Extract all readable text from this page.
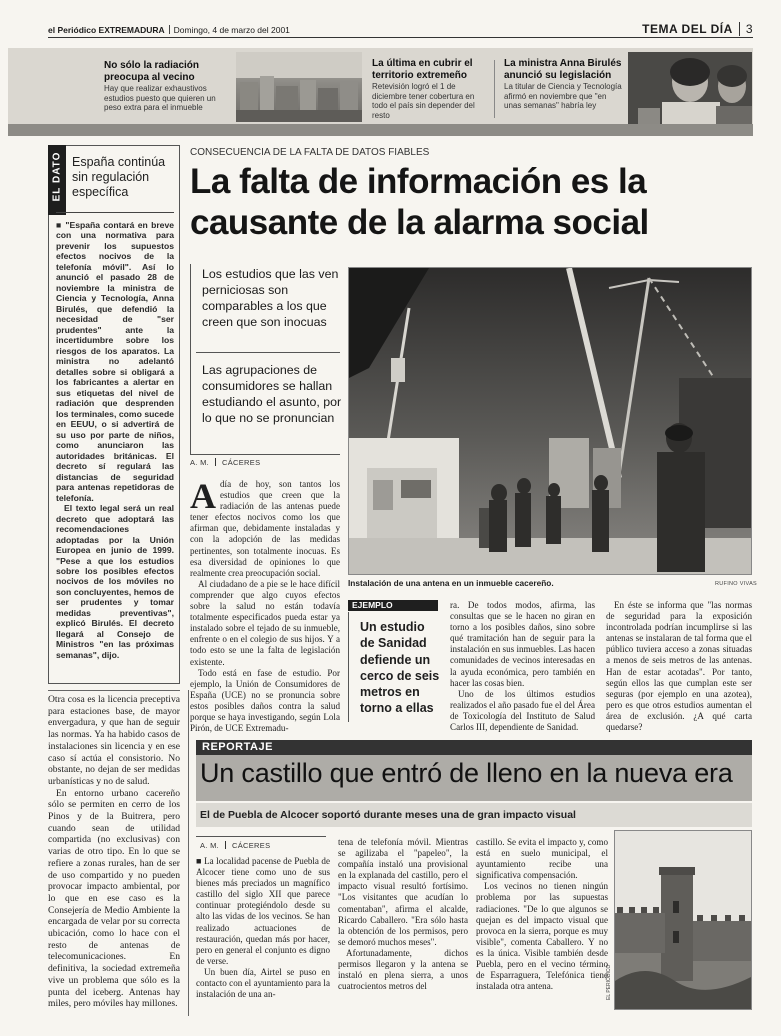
el Periódico EXTREMADURA Domingo, 4 de marzo del 2001	TEMA DEL DÍA 3
No sólo la radiación preocupa al vecino
Hay que realizar exhaustivos estudios puesto que quieren un peso extra para el inmueble
La última en cubrir el territorio extremeño
Retevisión logró el 1 de diciembre tener cobertura en todo el país sin depender del resto
La ministra Anna Birulés anunció su legislación
La titular de Ciencia y Tecnología afirmó en noviembre que "en unas semanas" habría ley
EL DATO España continúa sin regulación específica

■ "España contará en breve con una normativa para prevenir los supuestos efectos nocivos de la telefonía móvil". Así lo anunció el pasado 28 de noviembre la ministra de Ciencia y Tecnología, Anna Birulés, que defendió la necesidad de "ser prudentes" ante la incertidumbre sobre los riesgos de los aparatos. La ministra no adelantó detalles sobre si obligará a los fabricantes a alertar en sus etiquetas del nivel de radiación que desprenden los terminales, como sucede en EEUU, o si advertirá de su uso por parte de niños, como anunciaron las autoridades británicas. El decreto sí regulará las distancias de seguridad para antenas repetidoras de telefonía.

El texto legal será un real decreto que adoptará las recomendaciones adoptadas por la Unión Europea en junio de 1999. "Pese a que los estudios sobre los posibles efectos nocivos de los móviles no son concluyentes, hemos de ser prudentes y tomar medidas preventivas", explicó Birulés. El decreto llegará al Consejo de Ministros "en las próximas semanas", dijo.

Otra cosa es la licencia preceptiva para estaciones base, de mayor envergadura, y que han de seguir las normas. Ya ha habido casos de instalaciones sin licencia y en ese caso sí actúa el consistorio. No obstante, no dejan de ser medidas urbanísticas y no de salud.

En entorno urbano cacereño sólo se permiten en cerro de los Pinos y de la Buitrera, pero cuando sean de utilidad compartida (no exclusivas) con varias de otro tipo. En lo que se refiere a zonas rurales, han de ser de uso compartido y no pueden provocar impacto ambiental, por lo que en ese caso es la Consejería de Medio Ambiente la encargada de velar por su correcta ubicación, como lo hace con el resto de antenas de telecomunicaciones. En definitiva, la sociedad extremeña vive un problema que sólo es la punta del iceberg. Antenas hay miles, pero móviles hay millones.

CONSECUENCIA DE LA FALTA DE DATOS FIABLES
La falta de información es la
causante de la alarma social
Los estudios que las ven perniciosas son comparables a los que creen que son inocuas
Las agrupaciones de consumidores se hallan estudiando el asunto, por lo que no se pronuncian
A. M. CÁCERES
Instalación de una antena en un inmueble cacereño.	RUFINO VIVAS

Adía de hoy, son tantos los estudios que creen que la radiación de las antenas puede tener efectos nocivos como los que afirman que, debidamente instaladas y con la adopción de las medidas pertinentes, son totalmente inocuas. Es esa diversidad de opiniones lo que realmente crea preocupación social.

Al ciudadano de a pie se le hace difícil comprender que algo cuyos efectos sobre la salud no están todavía totalmente especificados pueda estar ya instalado sobre el tejado de su inmueble, enfrente o en el colegio de sus hijos. Y a todo esto se une la falta de legislación existente.

Todo está en fase de estudio. Por ejemplo, la Unión de Consumidores de España (UCE) no se pronuncia sobre estos posibles daños contra la salud porque se haya investigando, según Lola Pirón, de UCE Extremadu-

EJEMPLO
Un estudio de Sanidad defiende un cerco de seis metros en torno a ellas

ra. De todos modos, afirma, las consultas que se le hacen no giran en torno a los posibles daños, sino sobre qué tramitación han de seguir para la instalación en sus inmuebles. Las hacen comunidades de vecinos interesadas en la ayuda económica, pero también en hacer las cosas bien.

Uno de los últimos estudios realizados el año pasado fue el del Área de Toxicología del Instituto de Salud Carlos III, dependiente de Sanidad.

En éste se informa que "las normas de seguridad para la exposición incontrolada podrían incumplirse si las antenas se instalaran de tal forma que el público tuviera acceso a zonas situadas a menos de seis metros de las antenas. Han de estar acotadas". Por tanto, según ellos las que cumplan este ser seguras (por ejemplo en una azotea), pero es que otros estudios aumentan el área de exclusión. ¿A qué carta quedarse?

REPORTAJE
Un castillo que entró de lleno en la nueva era
El de Puebla de Alcocer soportó durante meses una de gran impacto visual
A. M. CÁCERES

■ La localidad pacense de Puebla de Alcocer tiene como uno de sus bienes más preciados un magnífico castillo del siglo XII que parece continuar protegiéndolo desde su alto las vidas de los vecinos. Se han realizado actuaciones de restauración, quedan más por hacer, pero en general el conjunto es digno de verse.

Un buen día, Airtel se puso en contacto con el ayuntamiento para la instalación de una an-

tena de telefonía móvil. Mientras se agilizaba el "papeleo", la compañía instaló una provisional en la explanada del castillo, pero el impacto visual resultó fortísimo. "Los visitantes que acudían lo comentaban", afirma el alcalde, Ricardo Caballero. "Era sólo hasta la obtención de los permisos, pero se demoró muchos meses".

Afortunadamente, dichos permisos llegaron y la antena se instaló en plena sierra, a unos cuatrocientos metros del

castillo. Se evita el impacto y, como está en suelo municipal, el ayuntamiento recibe una significativa compensación.

Los vecinos no tienen ningún problema por las supuestas radiaciones. "De lo que algunos se quejan es del impacto visual que provoca en la sierra, porque es muy visible", comenta Caballero. Y no es la única. Visible también desde Puebla, pero en el vecino término de Esparraguera, Telefónica tiene instalada otra antena.	EL PERIÓDICO
